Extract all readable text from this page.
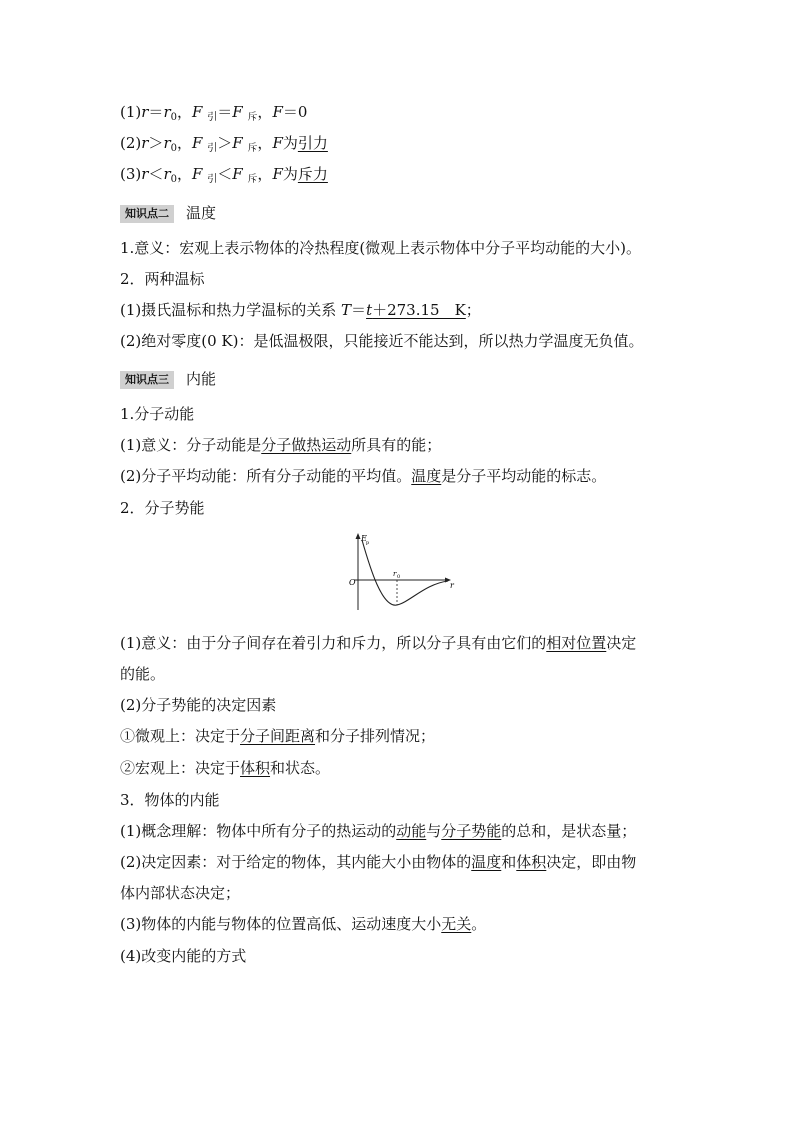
$(1)r=r_0$，F $_引$＝F $_斥$，F＝0
$(2)r>r_0$，F $_引$＞F $_斥$，F为引力
$(3)r<r_0$，F $_引$＜F $_斥$，F为斥力
知识点二 温度
1.意义：宏观上表示物体的冷热程度(微观上表示物体中分子平均动能的大小)。
2．两种温标
(1)摄氏温标和热力学温标的关系 T＝t＋273.15　K；
(2)绝对零度(0 K)：是低温极限，只能接近不能达到，所以热力学温度无负值。
知识点三 内能
1.分子动能
(1)意义：分子动能是分子做热运动所具有的能；
(2)分子平均动能：所有分子动能的平均值。温度是分子平均动能的标志。
2．分子势能
E p
r
O
r 0
(1)意义：由于分子间存在着引力和斥力，所以分子具有由它们的相对位置决定
的能。
(2)分子势能的决定因素
①微观上：决定于分子间距离和分子排列情况；
②宏观上：决定于体积和状态。
3．物体的内能
(1)概念理解：物体中所有分子的热运动的动能与分子势能的总和，是状态量；
(2)决定因素：对于给定的物体，其内能大小由物体的温度和体积决定，即由物
体内部状态决定；
(3)物体的内能与物体的位置高低、运动速度大小无关。
(4)改变内能的方式
